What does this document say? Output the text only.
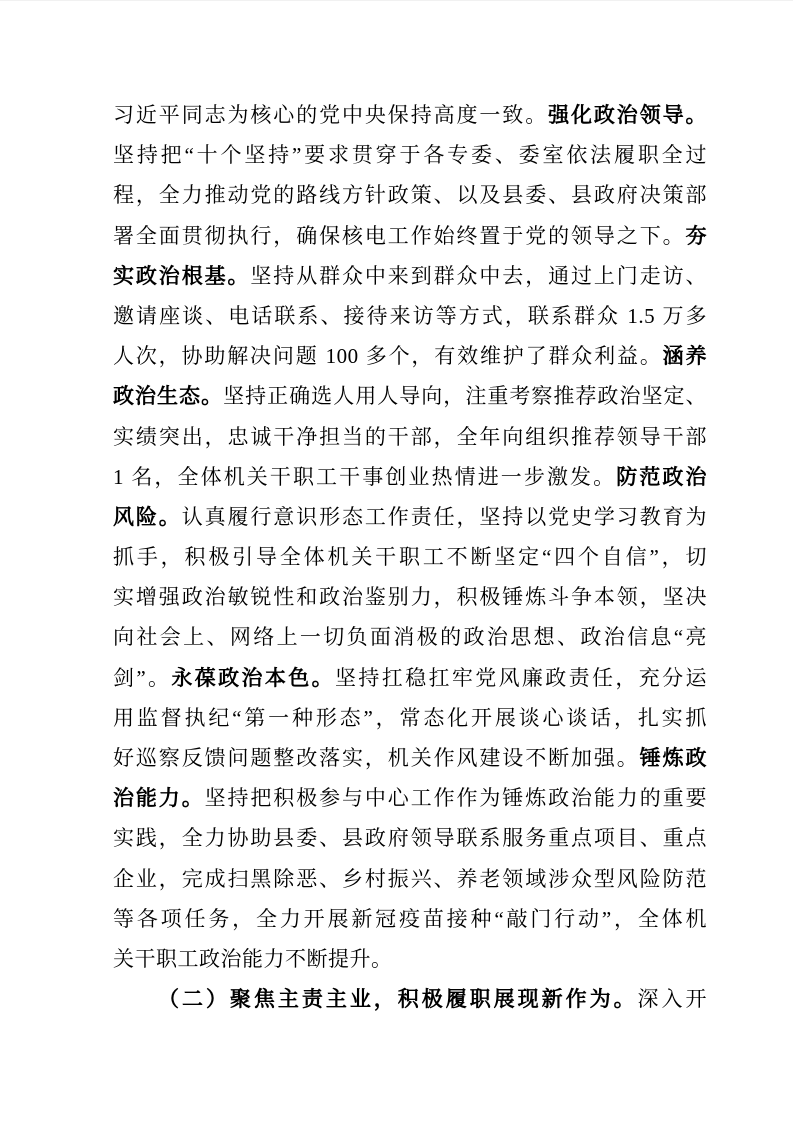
习近平同志为核心的党中央保持高度一致。强化政治领导。
坚持把“十个坚持”要求贯穿于各专委、委室依法履职全过
程，全力推动党的路线方针政策、以及县委、县政府决策部
署全面贯彻执行，确保核电工作始终置于党的领导之下。夯
实政治根基。坚持从群众中来到群众中去，通过上门走访、
邀请座谈、电话联系、接待来访等方式，联系群众 1.5 万多
人次，协助解决问题 100 多个，有效维护了群众利益。涵养
政治生态。坚持正确选人用人导向，注重考察推荐政治坚定、
实绩突出，忠诚干净担当的干部，全年向组织推荐领导干部
1 名，全体机关干职工干事创业热情进一步激发。防范政治
风险。认真履行意识形态工作责任，坚持以党史学习教育为
抓手，积极引导全体机关干职工不断坚定“四个自信”，切
实增强政治敏锐性和政治鉴别力，积极锤炼斗争本领，坚决
向社会上、网络上一切负面消极的政治思想、政治信息“亮
剑”。永葆政治本色。坚持扛稳扛牢党风廉政责任，充分运
用监督执纪“第一种形态”，常态化开展谈心谈话，扎实抓
好巡察反馈问题整改落实，机关作风建设不断加强。锤炼政
治能力。坚持把积极参与中心工作作为锤炼政治能力的重要
实践，全力协助县委、县政府领导联系服务重点项目、重点
企业，完成扫黑除恶、乡村振兴、养老领域涉众型风险防范
等各项任务，全力开展新冠疫苗接种“敲门行动”，全体机
关干职工政治能力不断提升。
（二）聚焦主责主业，积极履职展现新作为。深入开
